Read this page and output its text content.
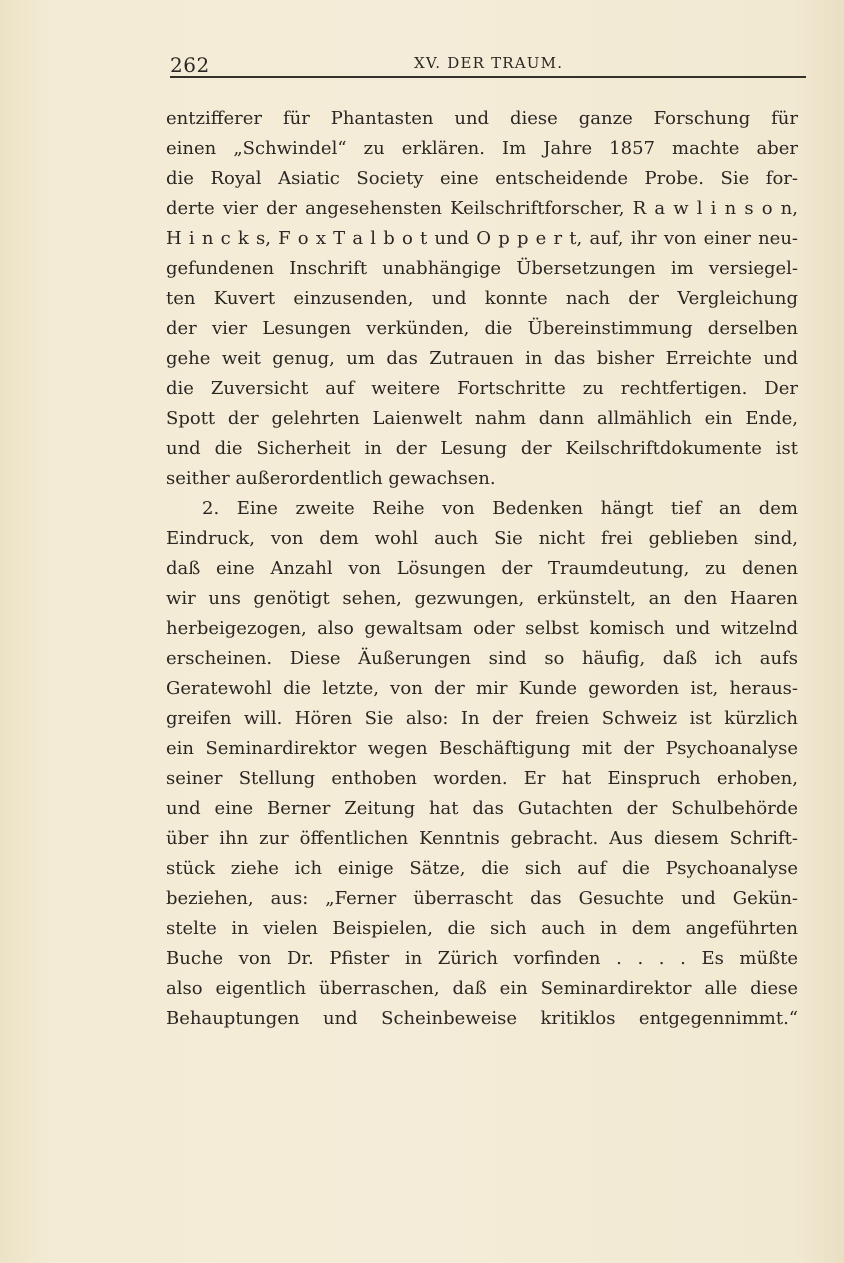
262	XV. DER TRAUM.
entzifferer für Phantasten und diese ganze Forschung für
einen „Schwindel“ zu erklären. Im Jahre 1857 machte aber
die Royal Asiatic Society eine entscheidende Probe. Sie for-
derte vier der angesehensten Keilschriftforscher, R a w l i n s o n,
H i n c k s, F o x T a l b o t und O p p e r t, auf, ihr von einer neu-
gefundenen Inschrift unabhängige Übersetzungen im versiegel-
ten Kuvert einzusenden, und konnte nach der Vergleichung
der vier Lesungen verkünden, die Übereinstimmung derselben
gehe weit genug, um das Zutrauen in das bisher Erreichte und
die Zuversicht auf weitere Fortschritte zu rechtfertigen. Der
Spott der gelehrten Laienwelt nahm dann allmählich ein Ende,
und die Sicherheit in der Lesung der Keilschriftdokumente ist
seither außerordentlich gewachsen.
2. Eine zweite Reihe von Bedenken hängt tief an dem
Eindruck, von dem wohl auch Sie nicht frei geblieben sind,
daß eine Anzahl von Lösungen der Traumdeutung, zu denen
wir uns genötigt sehen, gezwungen, erkünstelt, an den Haaren
herbeigezogen, also gewaltsam oder selbst komisch und witzelnd
erscheinen. Diese Äußerungen sind so häufig, daß ich aufs
Geratewohl die letzte, von der mir Kunde geworden ist, heraus-
greifen will. Hören Sie also: In der freien Schweiz ist kürzlich
ein Seminardirektor wegen Beschäftigung mit der Psychoanalyse
seiner Stellung enthoben worden. Er hat Einspruch erhoben,
und eine Berner Zeitung hat das Gutachten der Schulbehörde
über ihn zur öffentlichen Kenntnis gebracht. Aus diesem Schrift-
stück ziehe ich einige Sätze, die sich auf die Psychoanalyse
beziehen, aus: „Ferner überrascht das Gesuchte und Gekün-
stelte in vielen Beispielen, die sich auch in dem angeführten
Buche von Dr. Pfister in Zürich vorfinden . . . . Es müßte
also eigentlich überraschen, daß ein Seminardirektor alle diese
Behauptungen und Scheinbeweise kritiklos entgegennimmt.“
